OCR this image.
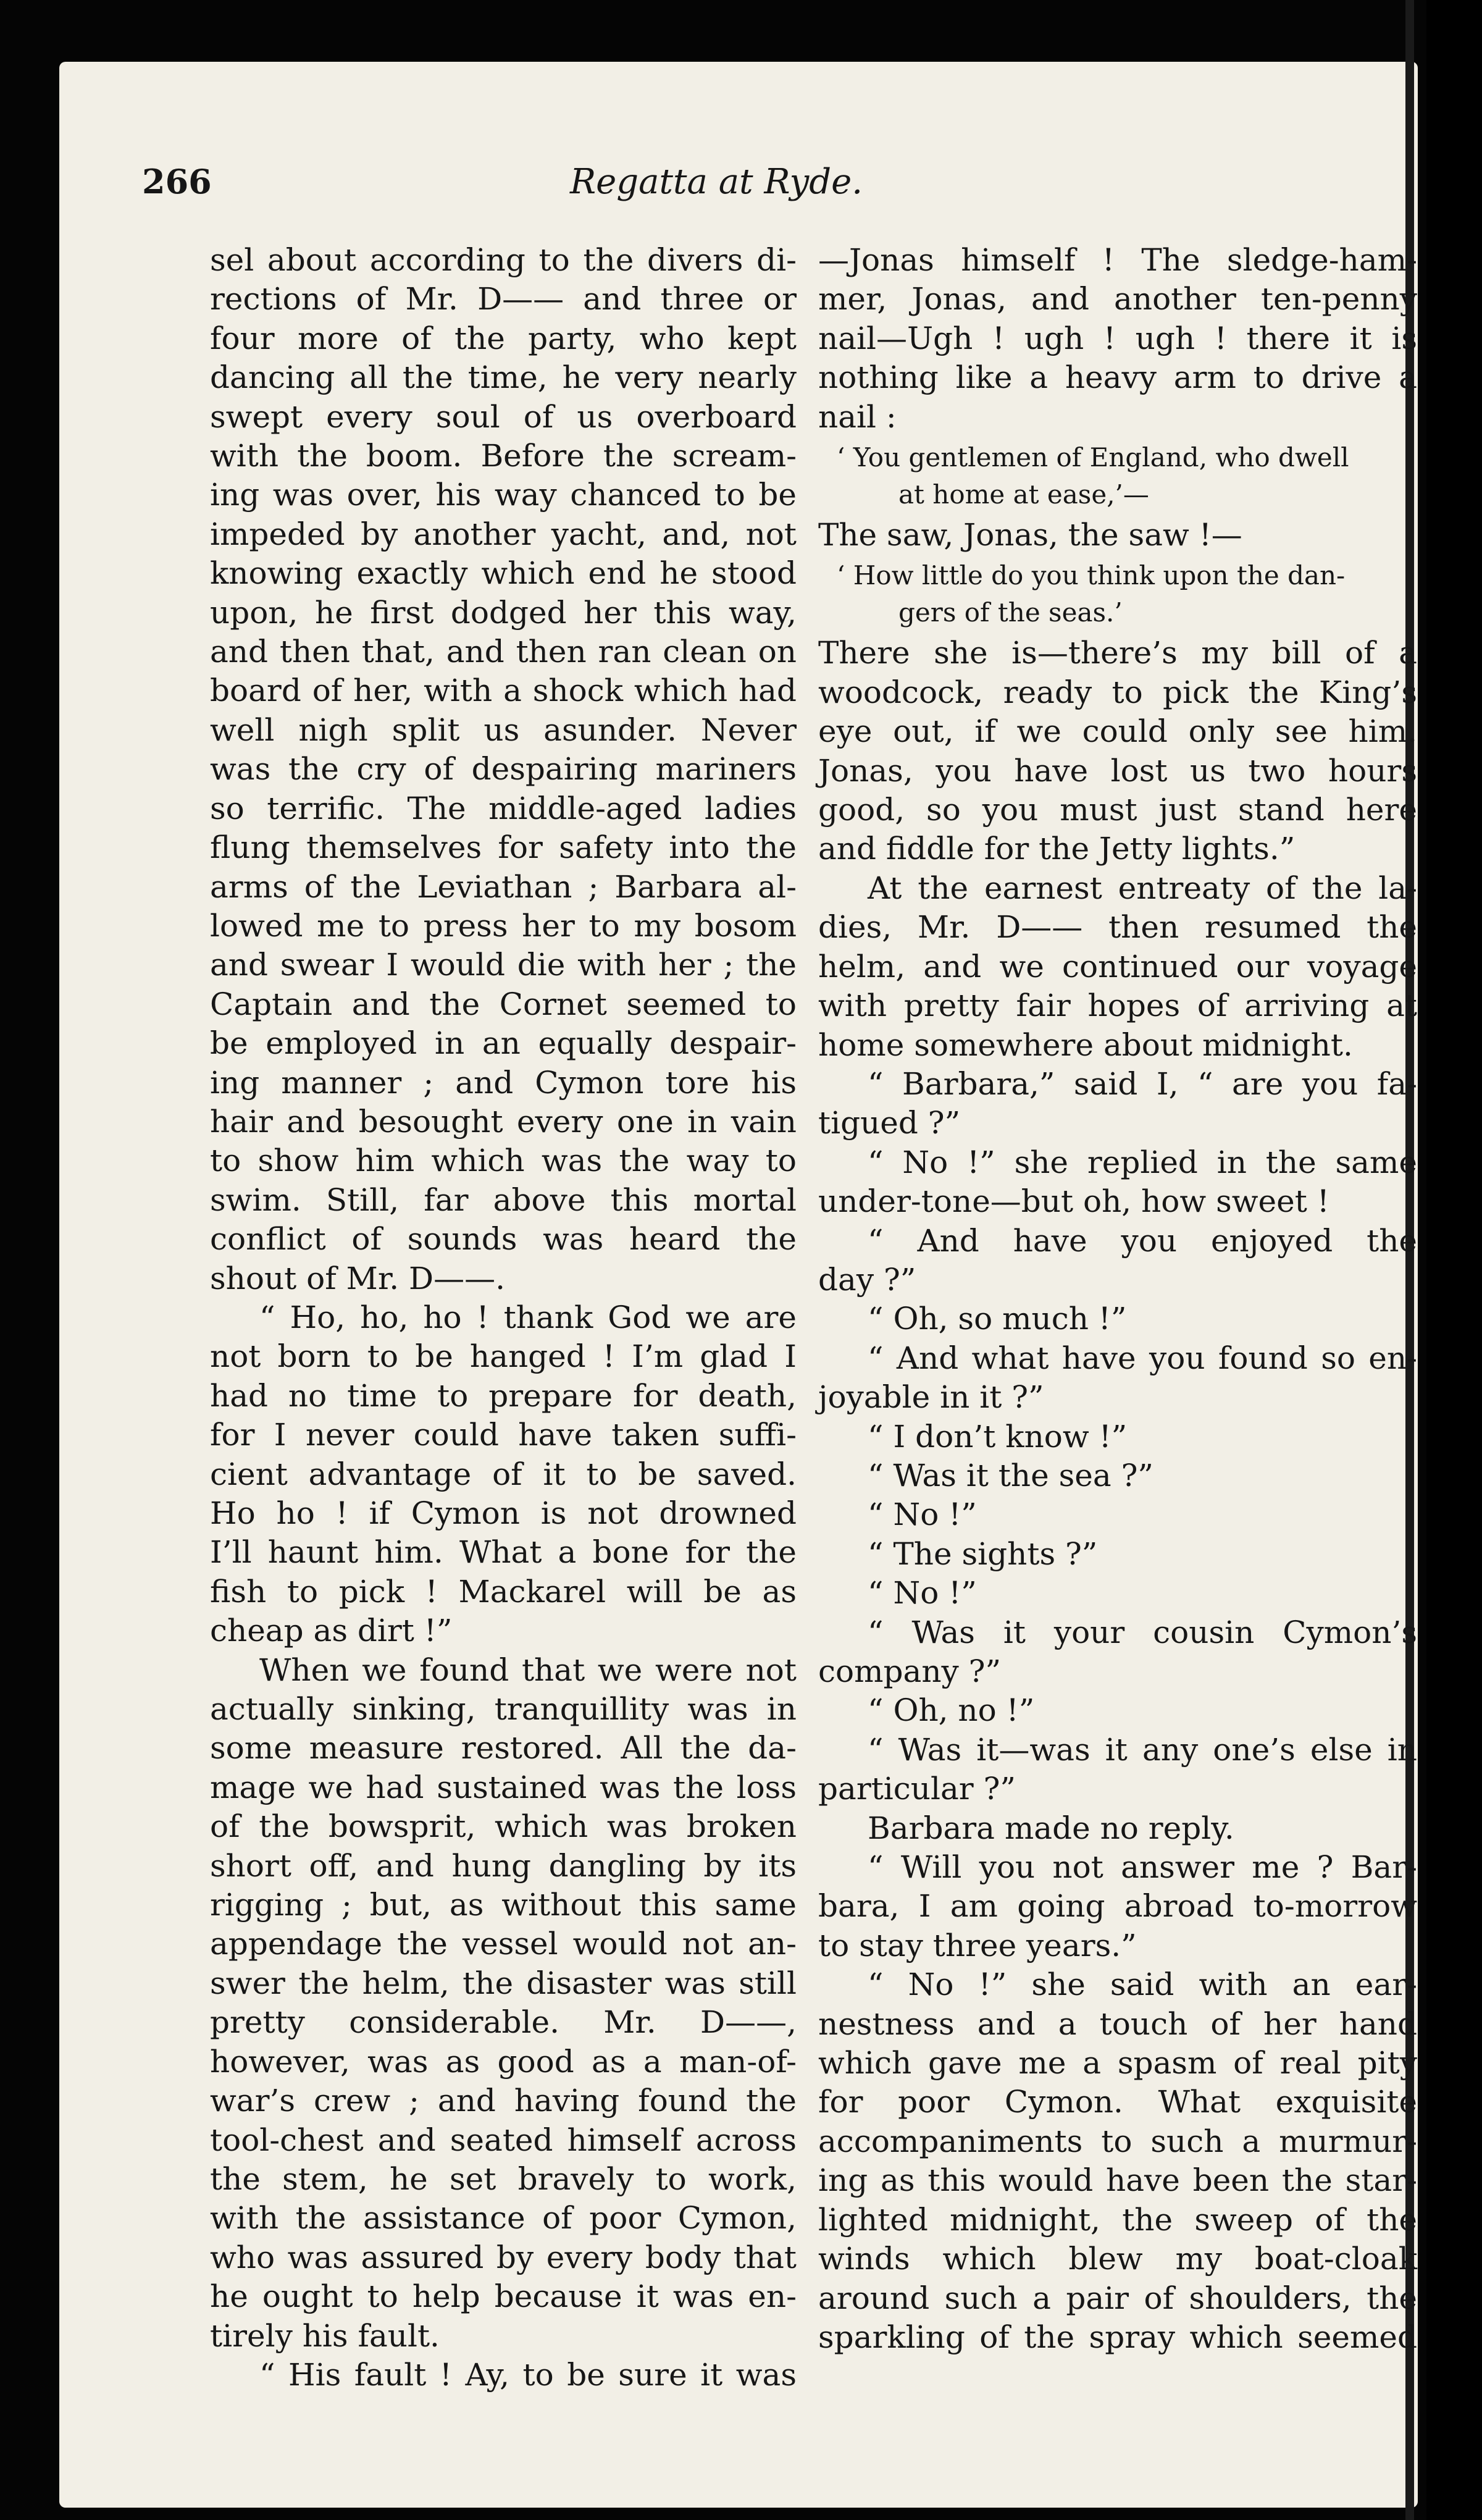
266	Regatta at Ryde.
sel about according to the divers di-
rections of Mr. D—— and three or
four more of the party, who kept
dancing all the time, he very nearly
swept every soul of us overboard
with the boom. Before the scream-
ing was over, his way chanced to be
impeded by another yacht, and, not
knowing exactly which end he stood
upon, he first dodged her this way,
and then that, and then ran clean on
board of her, with a shock which had
well nigh split us asunder. Never
was the cry of despairing mariners
so terrific. The middle-aged ladies
flung themselves for safety into the
arms of the Leviathan ; Barbara al-
lowed me to press her to my bosom
and swear I would die with her ; the
Captain and the Cornet seemed to
be employed in an equally despair-
ing manner ; and Cymon tore his
hair and besought every one in vain
to show him which was the way to
swim. Still, far above this mortal
conflict of sounds was heard the
shout of Mr. D——.
“ Ho, ho, ho ! thank God we are
not born to be hanged ! I’m glad I
had no time to prepare for death,
for I never could have taken suffi-
cient advantage of it to be saved.
Ho ho ! if Cymon is not drowned
I’ll haunt him. What a bone for the
fish to pick ! Mackarel will be as
cheap as dirt !”
When we found that we were not
actually sinking, tranquillity was in
some measure restored. All the da-
mage we had sustained was the loss
of the bowsprit, which was broken
short off, and hung dangling by its
rigging ; but, as without this same
appendage the vessel would not an-
swer the helm, the disaster was still
pretty considerable. Mr. D——,
however, was as good as a man-of-
war’s crew ; and having found the
tool-chest and seated himself across
the stem, he set bravely to work,
with the assistance of poor Cymon,
who was assured by every body that
he ought to help because it was en-
tirely his fault.
“ His fault ! Ay, to be sure it was
—Jonas himself ! The sledge-ham-
mer, Jonas, and another ten-penny
nail—Ugh ! ugh ! ugh ! there it is
nothing like a heavy arm to drive a
nail :
‘ You gentlemen of England, who dwell
at home at ease,’—
The saw, Jonas, the saw !—
‘ How little do you think upon the dan-
gers of the seas.’
There she is—there’s my bill of a
woodcock, ready to pick the King’s
eye out, if we could only see him.
Jonas, you have lost us two hours
good, so you must just stand here
and fiddle for the Jetty lights.”
At the earnest entreaty of the la-
dies, Mr. D—— then resumed the
helm, and we continued our voyage
with pretty fair hopes of arriving at
home somewhere about midnight.
“ Barbara,” said I, “ are you fa-
tigued ?”
“ No !” she replied in the same
under-tone—but oh, how sweet !
“ And have you enjoyed the
day ?”
“ Oh, so much !”
“ And what have you found so en-
joyable in it ?”
“ I don’t know !”
“ Was it the sea ?”
“ No !”
“ The sights ?”
“ No !”
“ Was it your cousin Cymon’s
company ?”
“ Oh, no !”
“ Was it—was it any one’s else in
particular ?”
Barbara made no reply.
“ Will you not answer me ? Bar-
bara, I am going abroad to-morrow
to stay three years.”
“ No !” she said with an ear-
nestness and a touch of her hand
which gave me a spasm of real pity
for poor Cymon. What exquisite
accompaniments to such a murmur-
ing as this would have been the star-
lighted midnight, the sweep of the
winds which blew my boat-cloak
around such a pair of shoulders, the
sparkling of the spray which seemed
